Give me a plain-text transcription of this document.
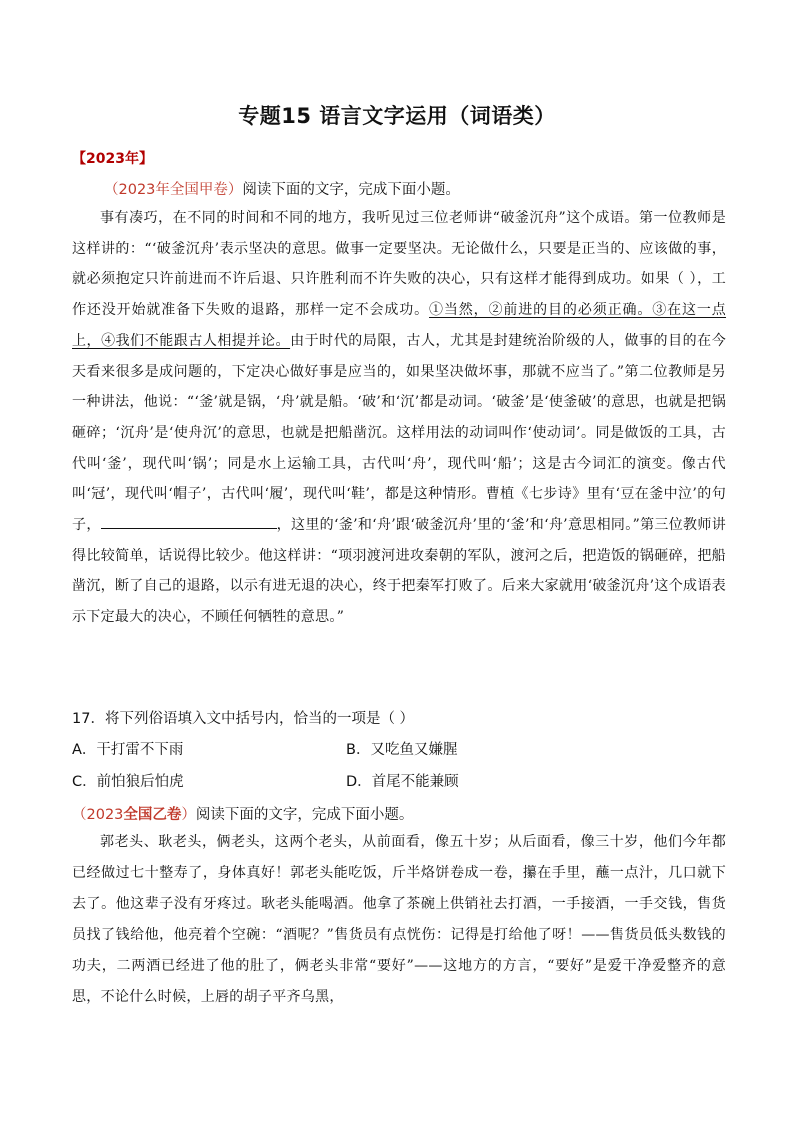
专题15 语言文字运用（词语类）
【2023年】
（2023年全国甲卷）阅读下面的文字，完成下面小题。

事有凑巧，在不同的时间和不同的地方，我听见过三位老师讲“破釜沉舟”这个成语。第一位教师是这样讲的：“‘破釜沉舟’表示坚决的意思。做事一定要坚决。无论做什么，只要是正当的、应该做的事，就必须抱定只许前进而不许后退、只许胜利而不许失败的决心，只有这样才能得到成功。如果（ ），工作还没开始就准备下失败的退路，那样一定不会成功。①当然，②前进的目的必须正确。③在这一点上，④我们不能跟古人相提并论。由于时代的局限，古人，尤其是封建统治阶级的人，做事的目的在今天看来很多是成问题的，下定决心做好事是应当的，如果坚决做坏事，那就不应当了。”第二位教师是另一种讲法，他说：“‘釜’就是锅，‘舟’就是船。‘破’和‘沉’都是动词。‘破釜’是‘使釜破’的意思，也就是把锅砸碎；‘沉舟’是‘使舟沉’的意思，也就是把船凿沉。这样用法的动词叫作‘使动词’。同是做饭的工具，古代叫‘釜’，现代叫‘锅’；同是水上运输工具，古代叫‘舟’，现代叫‘船’；这是古今词汇的演变。像古代叫‘冠’，现代叫‘帽子’，古代叫‘履’，现代叫‘鞋’，都是这种情形。曹植《七步诗》里有‘豆在釜中泣’的句子，	，这里的‘釜’和‘舟’跟‘破釜沉舟’里的‘釜’和‘舟’意思相同。”第三位教师讲得比较简单，话说得比较少。他这样讲：“项羽渡河进攻秦朝的军队，渡河之后，把造饭的锅砸碎，把船凿沉，断了自己的退路，以示有进无退的决心，终于把秦军打败了。后来大家就用‘破釜沉舟’这个成语表示下定最大的决心，不顾任何牺牲的意思。”

17．将下列俗语填入文中括号内，恰当的一项是（ ）
A．干打雷不下雨	B．又吃鱼又嫌腥
C．前怕狼后怕虎	D．首尾不能兼顾
（2023全国乙卷）阅读下面的文字，完成下面小题。

郭老头、耿老头，俩老头，这两个老头，从前面看，像五十岁；从后面看，像三十岁，他们今年都已经做过七十整寿了，身体真好！郭老头能吃饭，斤半烙饼卷成一卷，攥在手里，蘸一点汁，几口就下去了。他这辈子没有牙疼过。耿老头能喝酒。他拿了茶碗上供销社去打酒，一手接酒，一手交钱，售货员找了钱给他，他亮着个空碗：“酒呢？”售货员有点恍伤：记得是打给他了呀！——售货员低头数钱的功夫，二两酒已经进了他的肚了，俩老头非常“要好”——这地方的方言，“要好”是爱干净爱整齐的意思，不论什么时候，上唇的胡子平齐乌黑，
